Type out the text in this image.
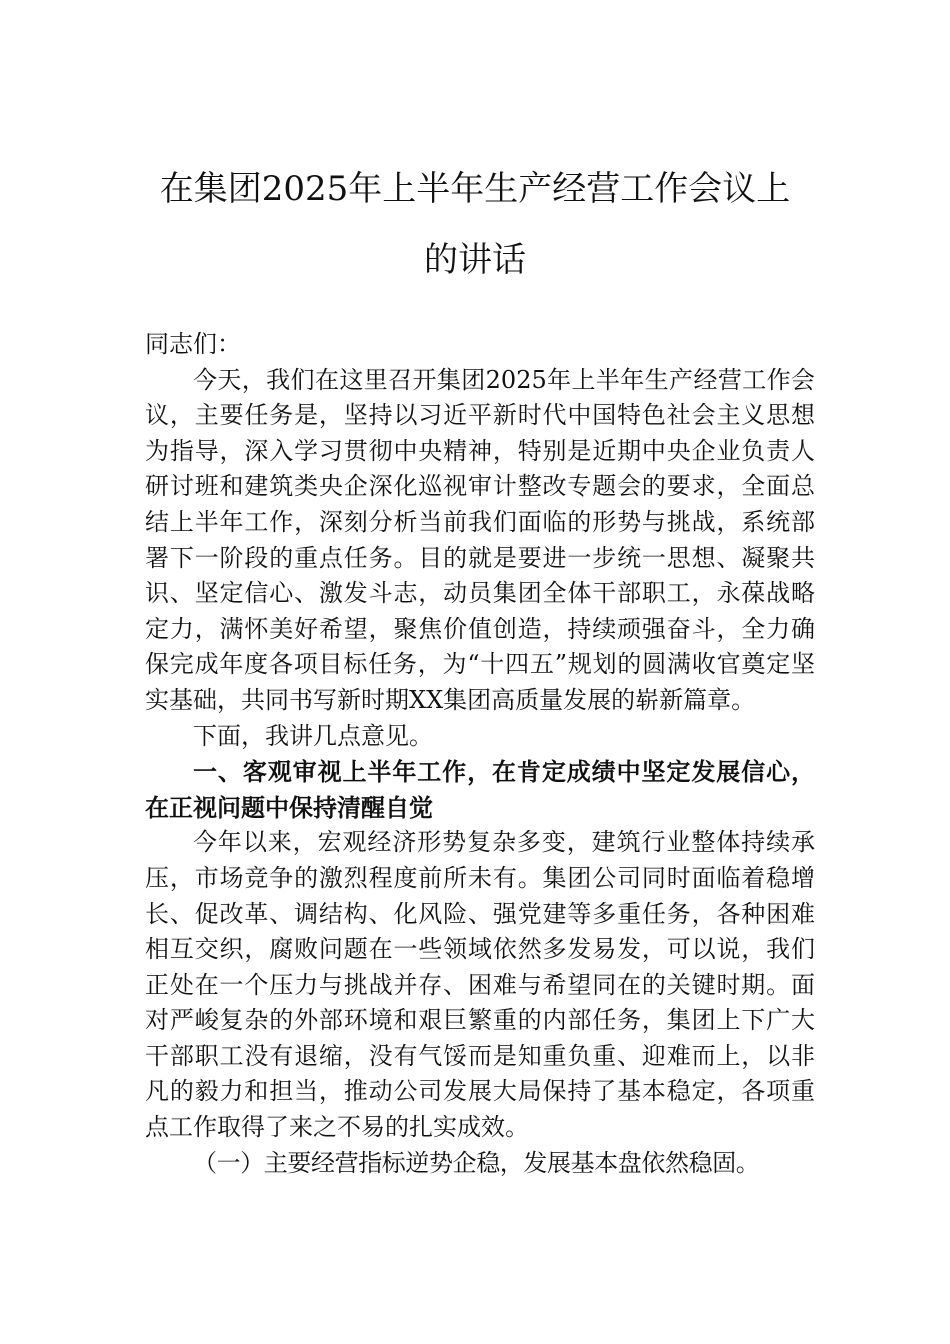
在集团2025年上半年生产经营工作会议上
的讲话

同志们：

今天，我们在这里召开集团2025年上半年生产经营工作会议，主要任务是，坚持以习近平新时代中国特色社会主义思想为指导，深入学习贯彻中央精神，特别是近期中央企业负责人研讨班和建筑类央企深化巡视审计整改专题会的要求，全面总结上半年工作，深刻分析当前我们面临的形势与挑战，系统部署下一阶段的重点任务。目的就是要进一步统一思想、凝聚共识、坚定信心、激发斗志，动员集团全体干部职工，永葆战略定力，满怀美好希望，聚焦价值创造，持续顽强奋斗，全力确保完成年度各项目标任务，为“十四五”规划的圆满收官奠定坚实基础，共同书写新时期XX集团高质量发展的崭新篇章。

下面，我讲几点意见。

一、客观审视上半年工作，在肯定成绩中坚定发展信心，在正视问题中保持清醒自觉

今年以来，宏观经济形势复杂多变，建筑行业整体持续承压，市场竞争的激烈程度前所未有。集团公司同时面临着稳增长、促改革、调结构、化风险、强党建等多重任务，各种困难相互交织，腐败问题在一些领域依然多发易发，可以说，我们正处在一个压力与挑战并存、困难与希望同在的关键时期。面对严峻复杂的外部环境和艰巨繁重的内部任务，集团上下广大干部职工没有退缩，没有气馁而是知重负重、迎难而上，以非凡的毅力和担当，推动公司发展大局保持了基本稳定，各项重点工作取得了来之不易的扎实成效。

（一）主要经营指标逆势企稳，发展基本盘依然稳固。
